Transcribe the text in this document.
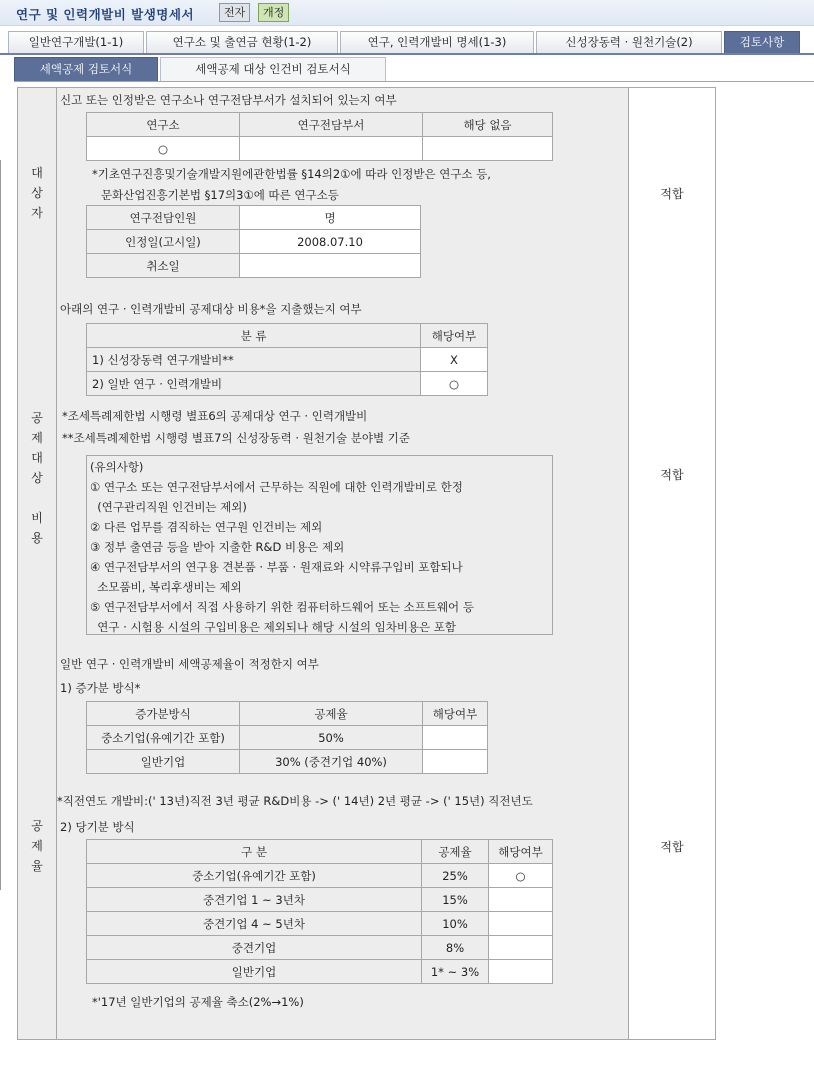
연구 및 인력개발비 발생명세서	전자	개정
일반연구개발(1-1)	연구소 및 출연금 현황(1-2)	연구, 인력개발비 명세(1-3)	신성장동력 · 원천기술(2)	검토사항
세액공제 검토서식	세액공제 대상 인건비 검토서식
대
상
자
신고 또는 인정받은 연구소나 연구전담부서가 설치되어 있는지 여부
연구소	연구전담부서	해당 없음
○		
*기초연구진흥및기술개발지원에관한법률 §14의2①에 따라 인정받은 연구소 등,
문화산업진흥기본법 §17의3①에 따른 연구소등
연구전담인원	명
인정일(고시일)	2008.07.10
취소일	
적합
공
제
대
상
비
용
아래의 연구 · 인력개발비 공제대상 비용*을 지출했는지 여부
분 류	해당여부
1) 신성장동력 연구개발비**	X
2) 일반 연구 · 인력개발비	○
*조세특례제한법 시행령 별표6의 공제대상 연구 · 인력개발비
**조세특례제한법 시행령 별표7의 신성장동력 · 원천기술 분야별 기준
(유의사항)
① 연구소 또는 연구전담부서에서 근무하는 직원에 대한 인력개발비로 한정
(연구관리직원 인건비는 제외)
② 다른 업무를 겸직하는 연구원 인건비는 제외
③ 정부 출연금 등을 받아 지출한 R&D 비용은 제외
④ 연구전담부서의 연구용 견본품 · 부품 · 원재료와 시약류구입비 포함되나
소모품비, 복리후생비는 제외
⑤ 연구전담부서에서 직접 사용하기 위한 컴퓨터하드웨어 또는 소프트웨어 등
연구 · 시험용 시설의 구입비용은 제외되나 해당 시설의 임차비용은 포함
적합
공
제
율
일반 연구 · 인력개발비 세액공제율이 적정한지 여부
1) 증가분 방식*
증가분방식	공제율	해당여부
중소기업(유예기간 포함)	50%	
일반기업	30% (중견기업 40%)	
*직전연도 개발비:(' 13년)직전 3년 평균 R&D비용 -> (' 14년) 2년 평균 -> (' 15년) 직전년도
2) 당기분 방식
구 분	공제율	해당여부
중소기업(유예기간 포함)	25%	○
중견기업 1 ~ 3년차	15%	
중견기업 4 ~ 5년차	10%	
중견기업	8%	
일반기업	1* ~ 3%	
*'17년 일반기업의 공제율 축소(2%→1%)
적합
